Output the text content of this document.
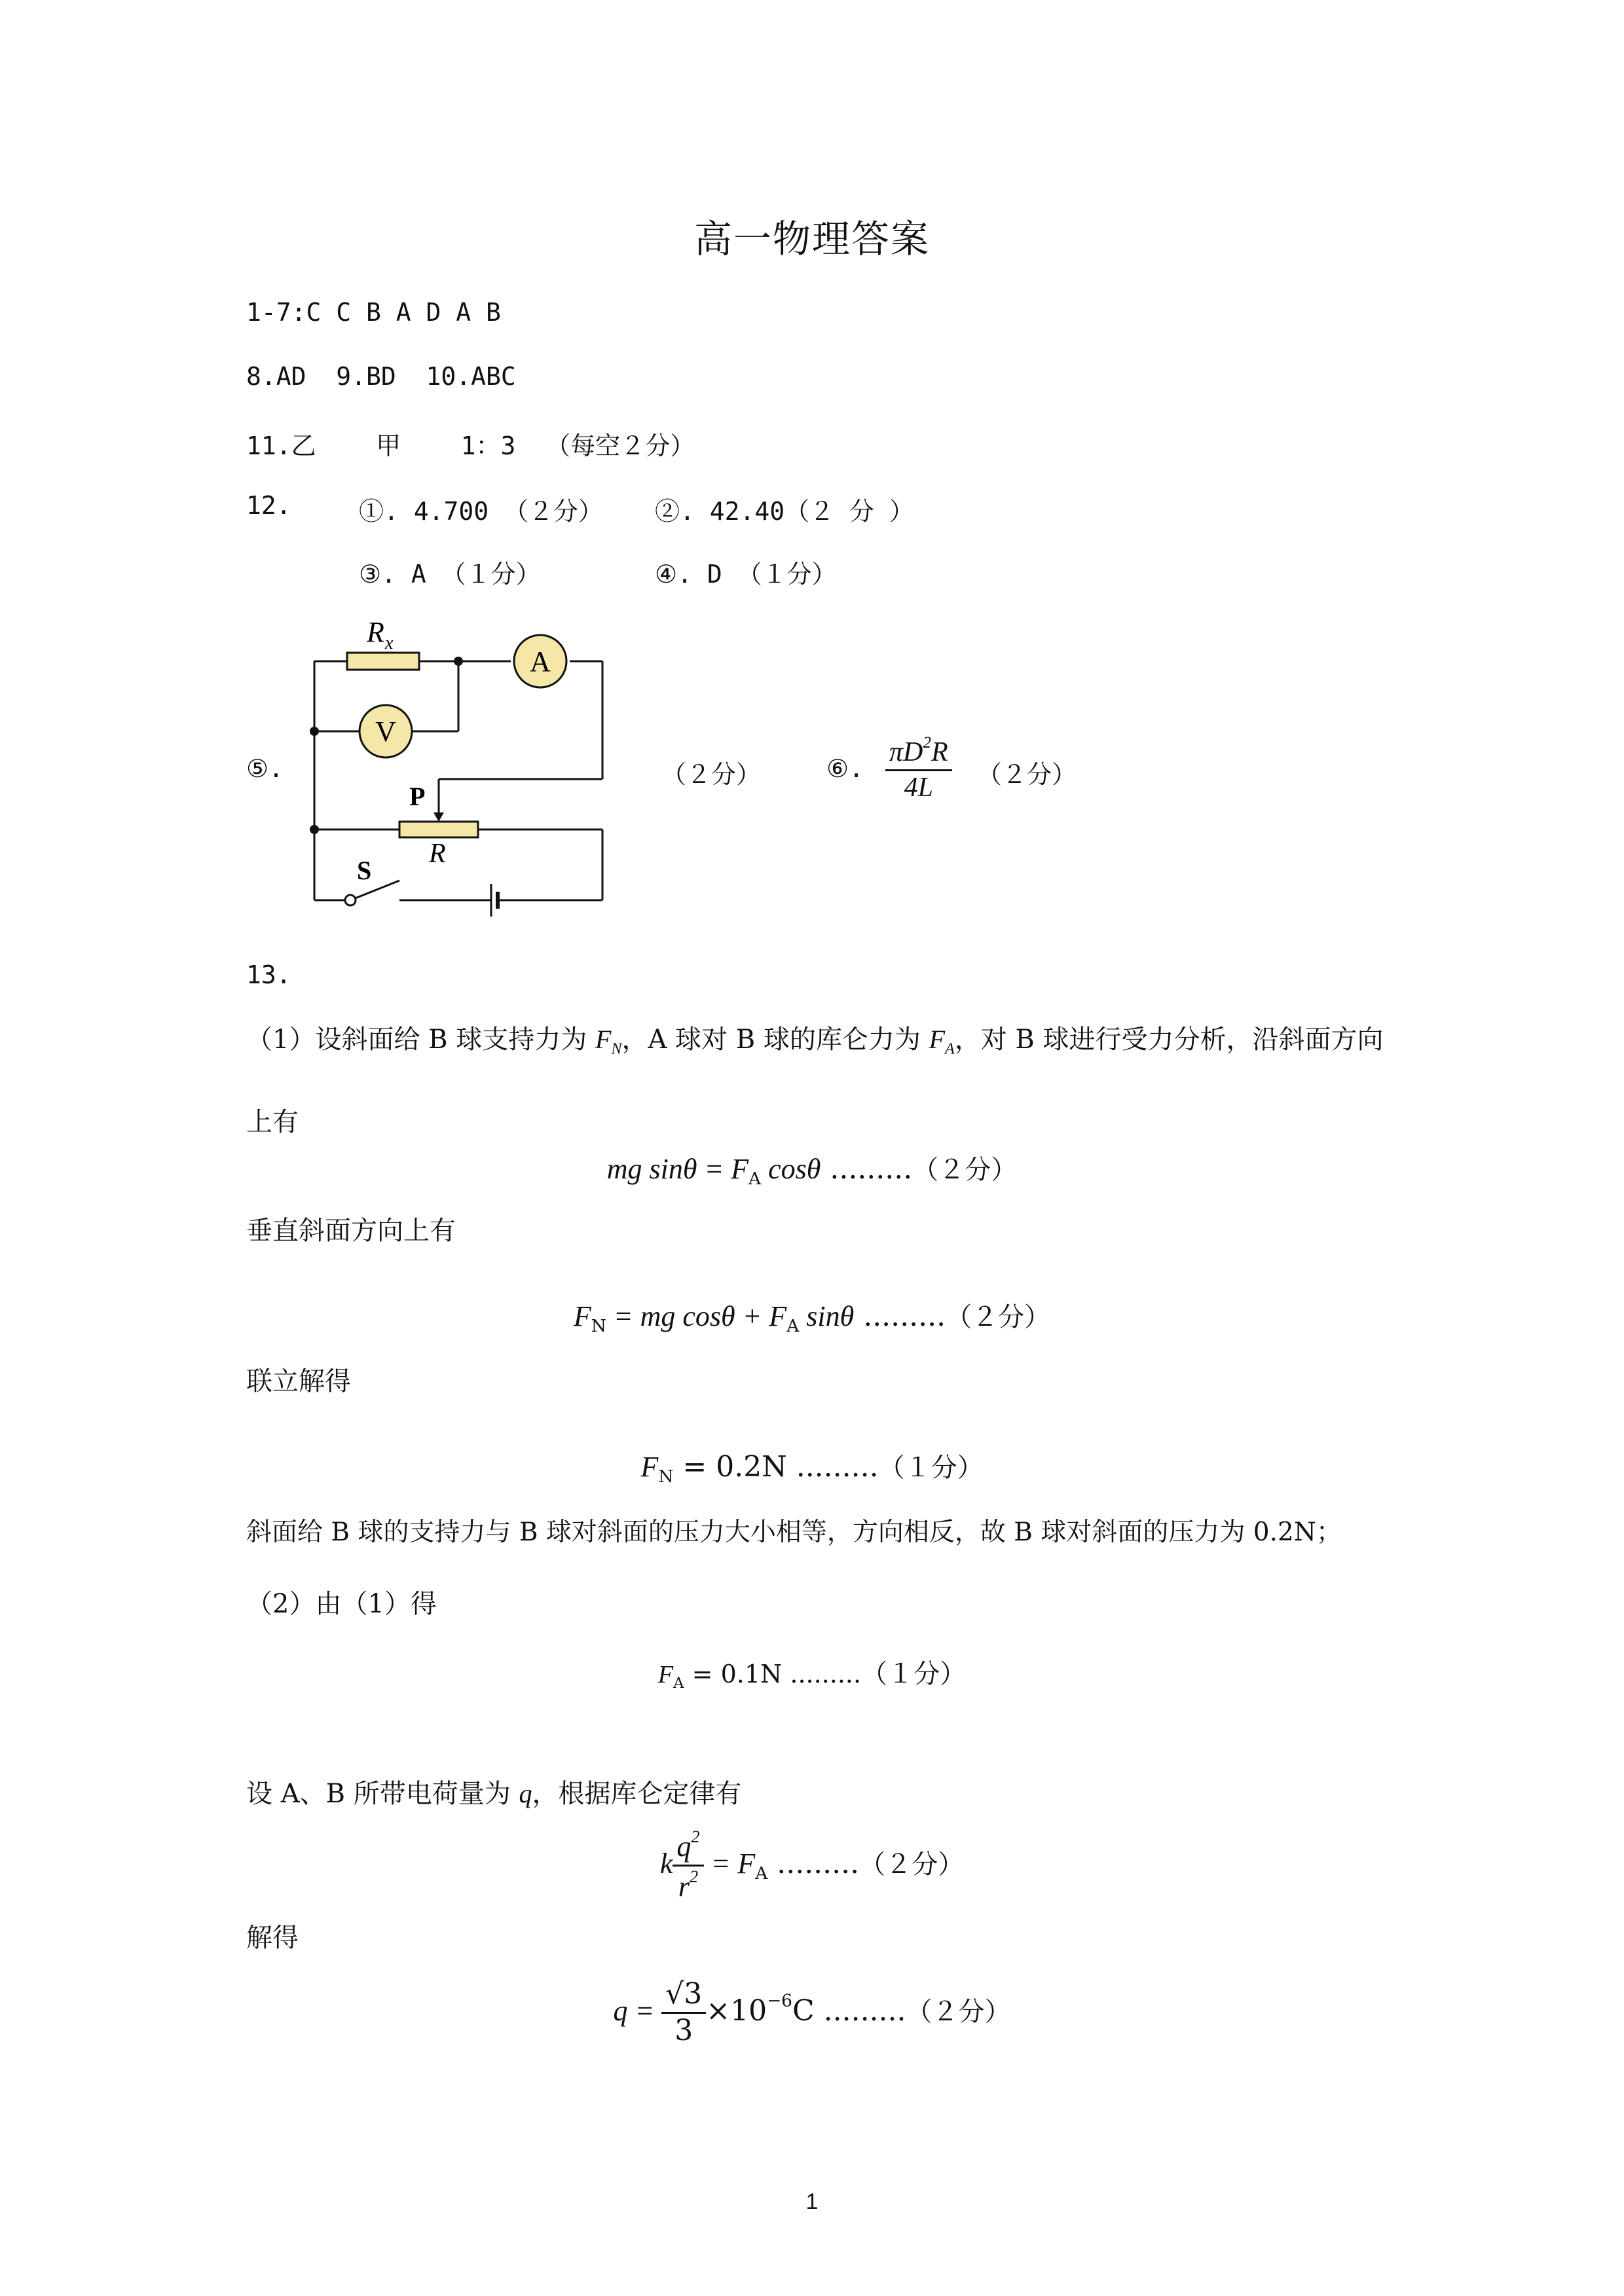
高一物理答案
1-7:C C B A D A B
8.AD  9.BD  10.ABC
11.乙    甲    1：3  （每空２分）
12.	①. 4.700 （２分） ②. 42.40（２ 分 ）
③. A （１分）	④. D （１分）
⑤.
R x
A
V
P
R
S
（２分）	⑥. $\frac{\pi D^2R}{4L} (2$分）
13.
（1）设斜面给 B 球支持力为 $F_N$，A 球对 B 球的库仑力为 $F_A$，对 B 球进行受力分析，沿斜面方向上有
mg $\sin\theta = F_A$ cosθ .........（２分）
垂直斜面方向上有
$F_N$ = mg $\cos\theta + F_A$ sinθ .........（２分）
联立解得
$F_N = 0.2N$ .........（１分）
斜面给 B 球的支持力与 B 球对斜面的压力大小相等，方向相反，故 B 球对斜面的压力为 0.2N；
（2）由（1）得
$F_A = 0.1N$ .........（１分）
设 A、B 所带电荷量为 q，根据库仑定律有
k $\frac{q^2}{r^2} = F_A$ .........（２分）
解得
$q = \frac{√3}{3} \times 10^{-6}C$ .........（２分）
1
